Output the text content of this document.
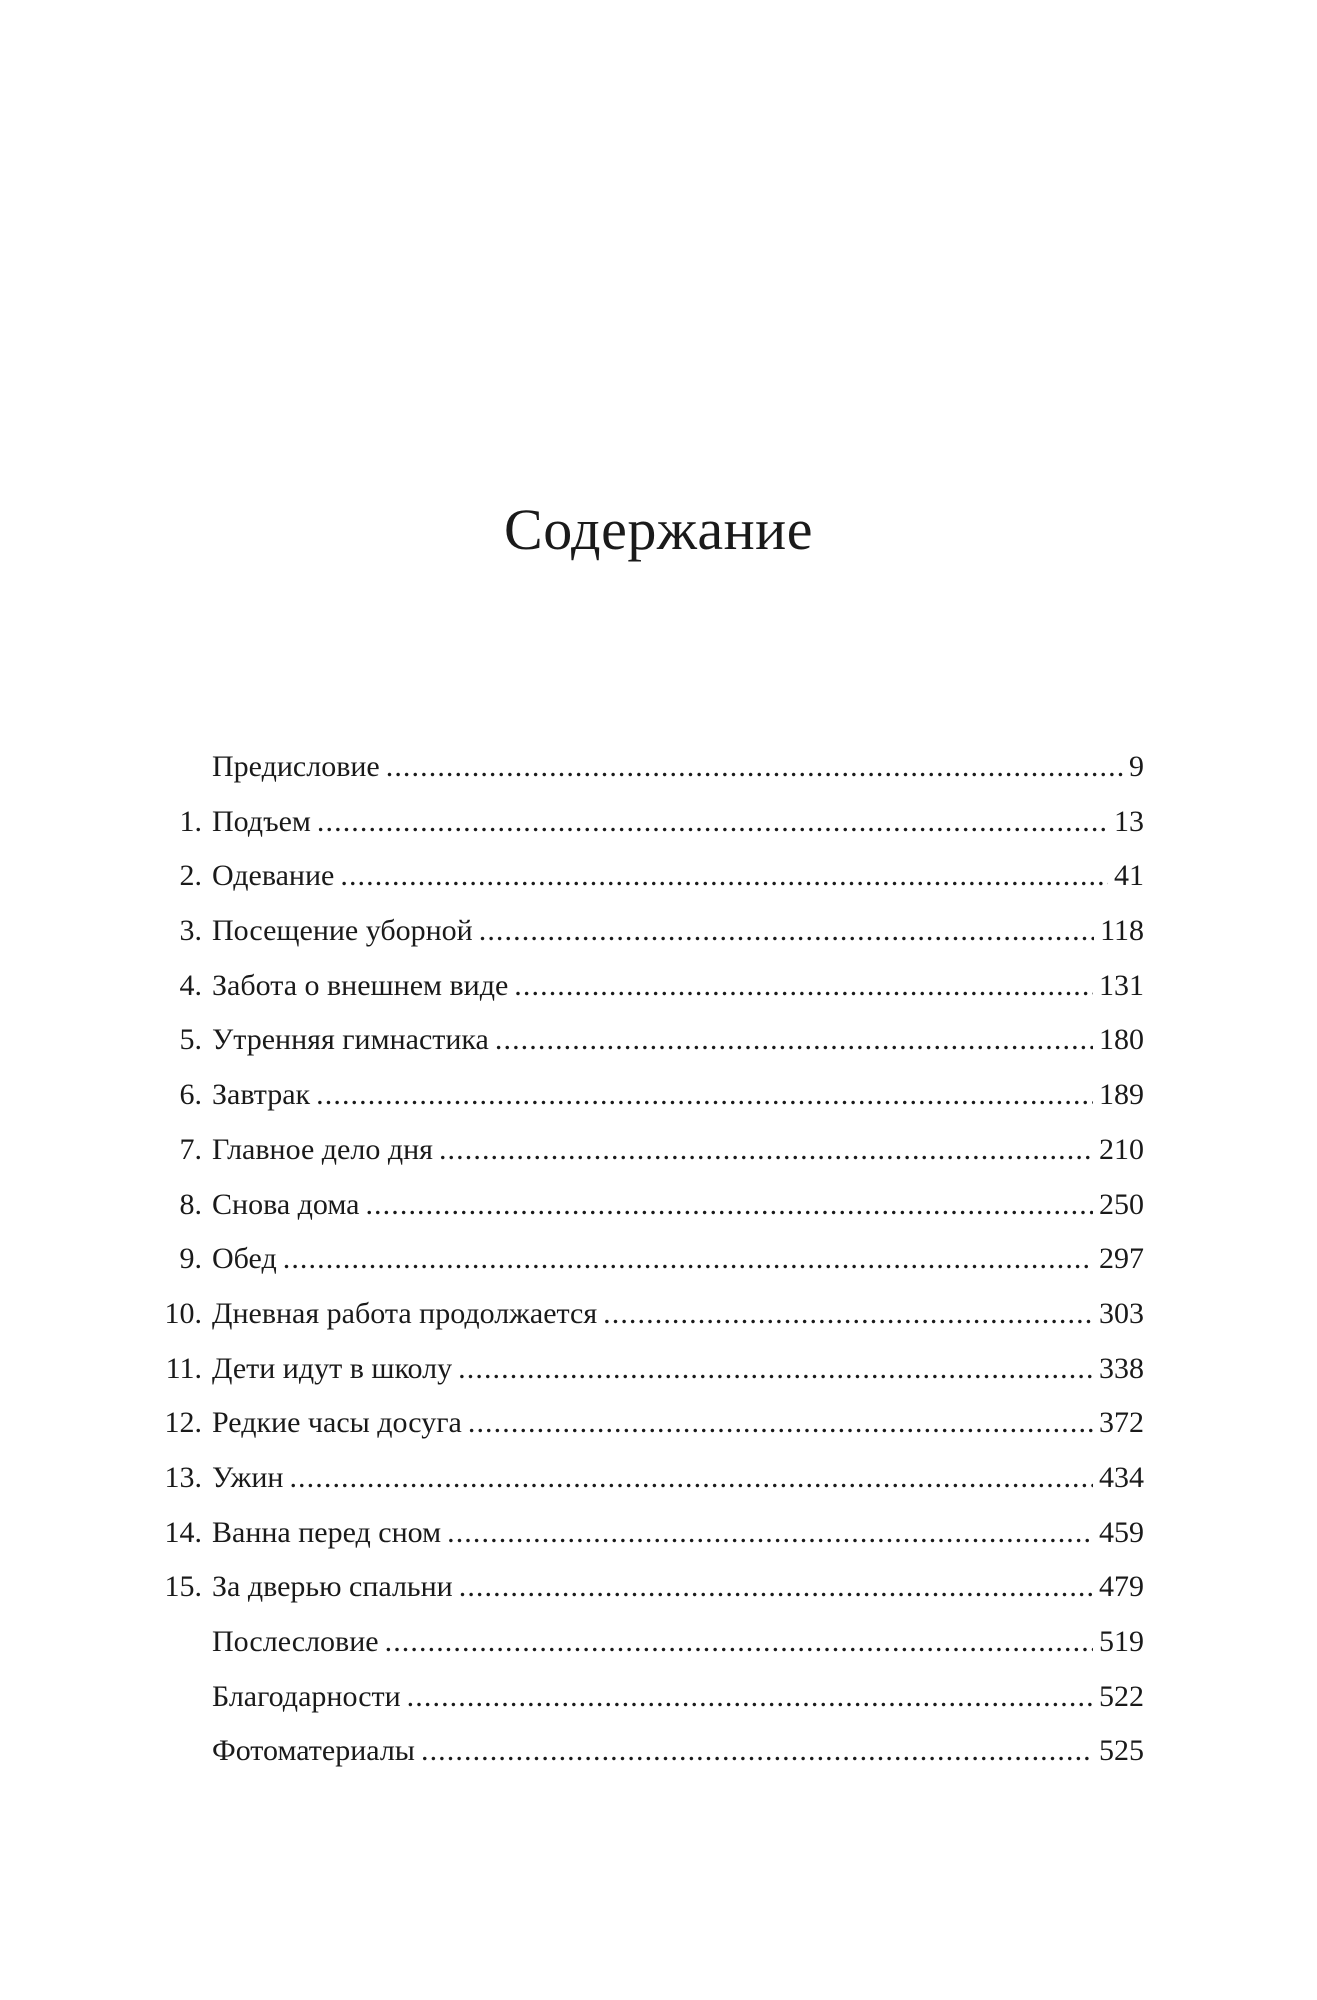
Содержание
Предисловие . . .	9
1. Подъем . . .	13
2. Одевание . . .	41
3. Посещение уборной . . .	118
4. Забота о внешнем виде . . .	131
5. Утренняя гимнастика . . .	180
6. Завтрак . . .	189
7. Главное дело дня . . .	210
8. Снова дома . . .	250
9. Обед . . .	297
10. Дневная работа продолжается . . .	303
11. Дети идут в школу . . .	338
12. Редкие часы досуга . . .	372
13. Ужин . . .	434
14. Ванна перед сном . . .	459
15. За дверью спальни . . .	479
Послесловие . . .	519
Благодарности . . .	522
Фотоматериалы . . .	525
